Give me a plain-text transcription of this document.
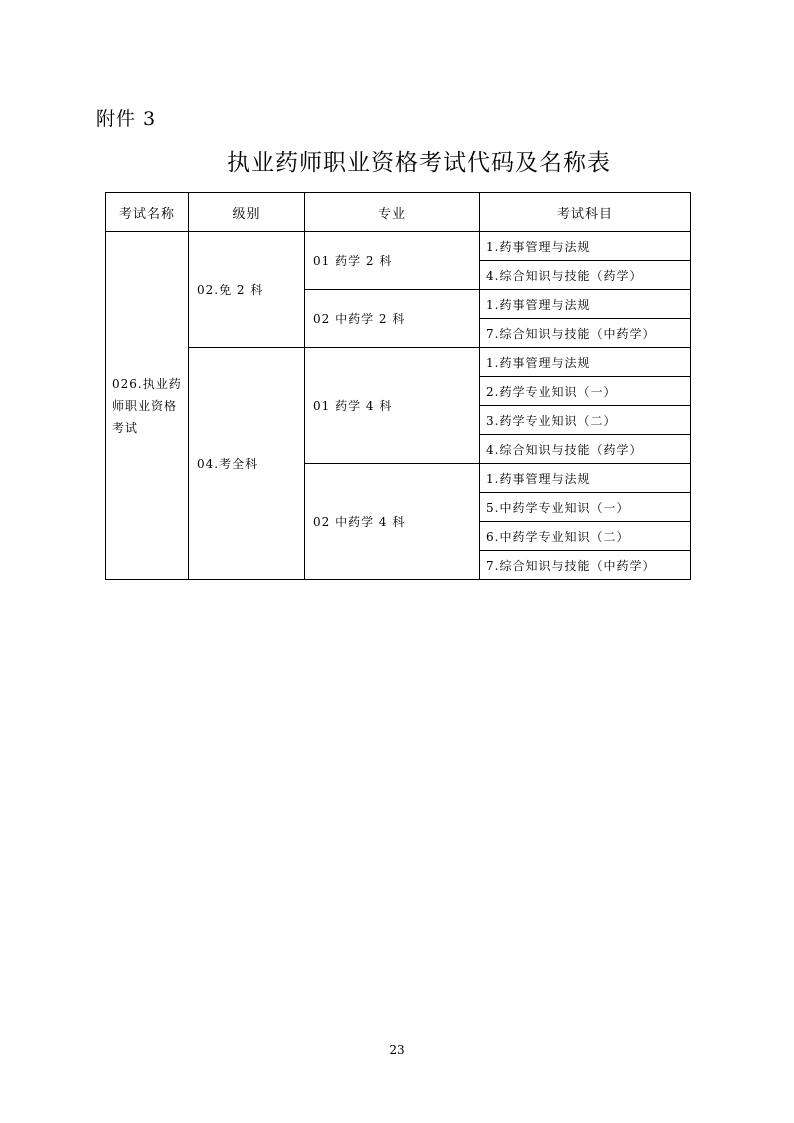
附件 3
执业药师职业资格考试代码及名称表
考试名称	级别	专业	考试科目
026.执业药师职业资格考试	02.免 2 科	01 药学 2 科	1.药事管理与法规
			4.综合知识与技能（药学）
		02 中药学 2 科	1.药事管理与法规
			7.综合知识与技能（中药学）
	04.考全科	01 药学 4 科	1.药事管理与法规
			2.药学专业知识（一）
			3.药学专业知识（二）
			4.综合知识与技能（药学）
		02 中药学 4 科	1.药事管理与法规
			5.中药学专业知识（一）
			6.中药学专业知识（二）
			7.综合知识与技能（中药学）
23
